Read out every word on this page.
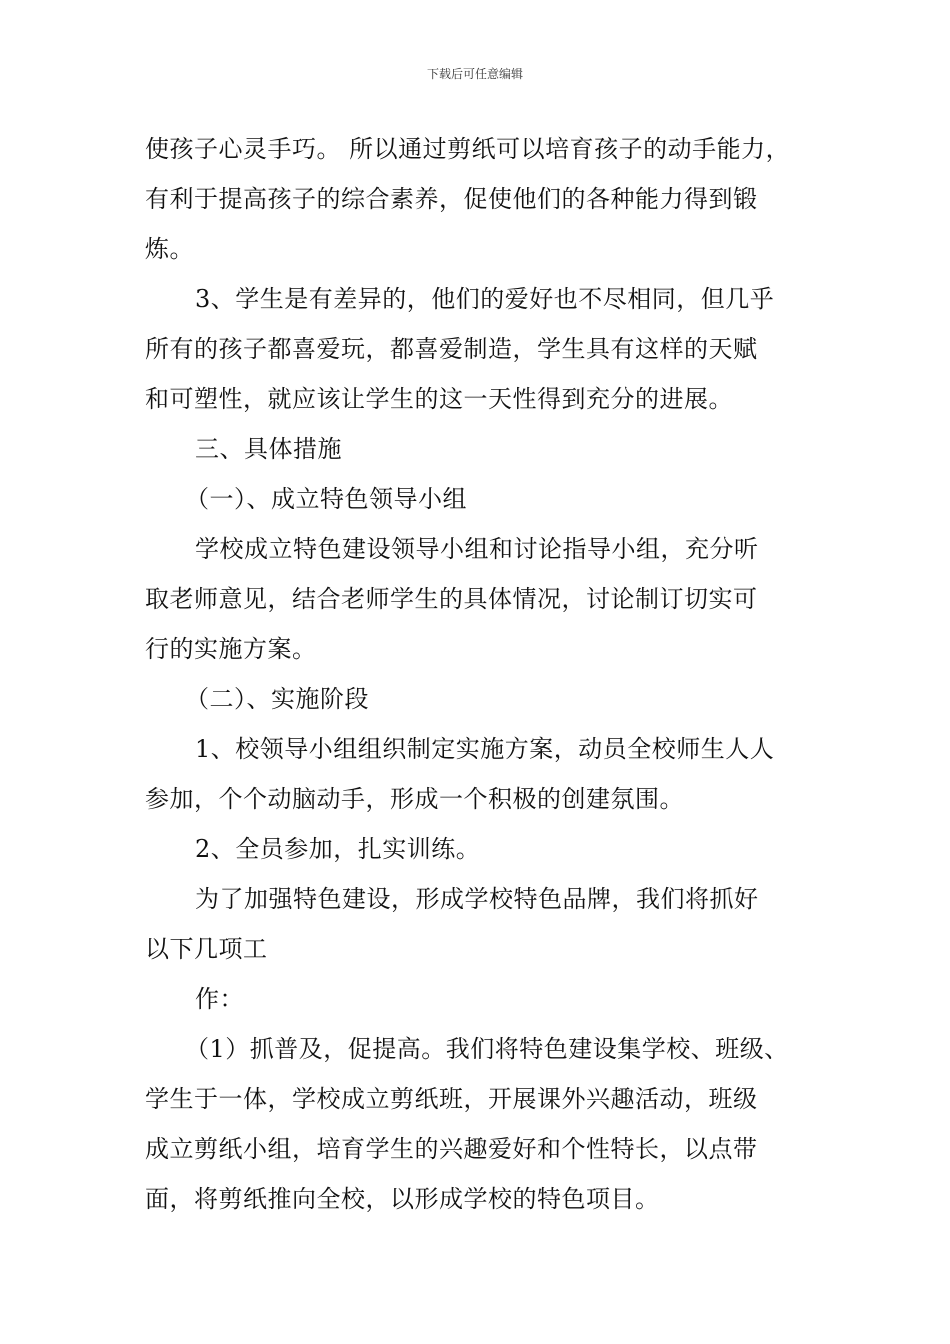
下载后可任意编辑
使孩子心灵手巧。 所以通过剪纸可以培育孩子的动手能力，
有利于提高孩子的综合素养，促使他们的各种能力得到锻
炼。
3、学生是有差异的，他们的爱好也不尽相同，但几乎
所有的孩子都喜爱玩，都喜爱制造，学生具有这样的天赋
和可塑性，就应该让学生的这一天性得到充分的进展。
三、具体措施
（一）、成立特色领导小组
学校成立特色建设领导小组和讨论指导小组，充分听
取老师意见，结合老师学生的具体情况，讨论制订切实可
行的实施方案。
（二）、实施阶段
1、校领导小组组织制定实施方案，动员全校师生人人
参加，个个动脑动手，形成一个积极的创建氛围。
2、全员参加，扎实训练。
为了加强特色建设，形成学校特色品牌，我们将抓好
以下几项工
作：
（1）抓普及，促提高。我们将特色建设集学校、班级、
学生于一体，学校成立剪纸班，开展课外兴趣活动，班级
成立剪纸小组，培育学生的兴趣爱好和个性特长，以点带
面，将剪纸推向全校，以形成学校的特色项目。
